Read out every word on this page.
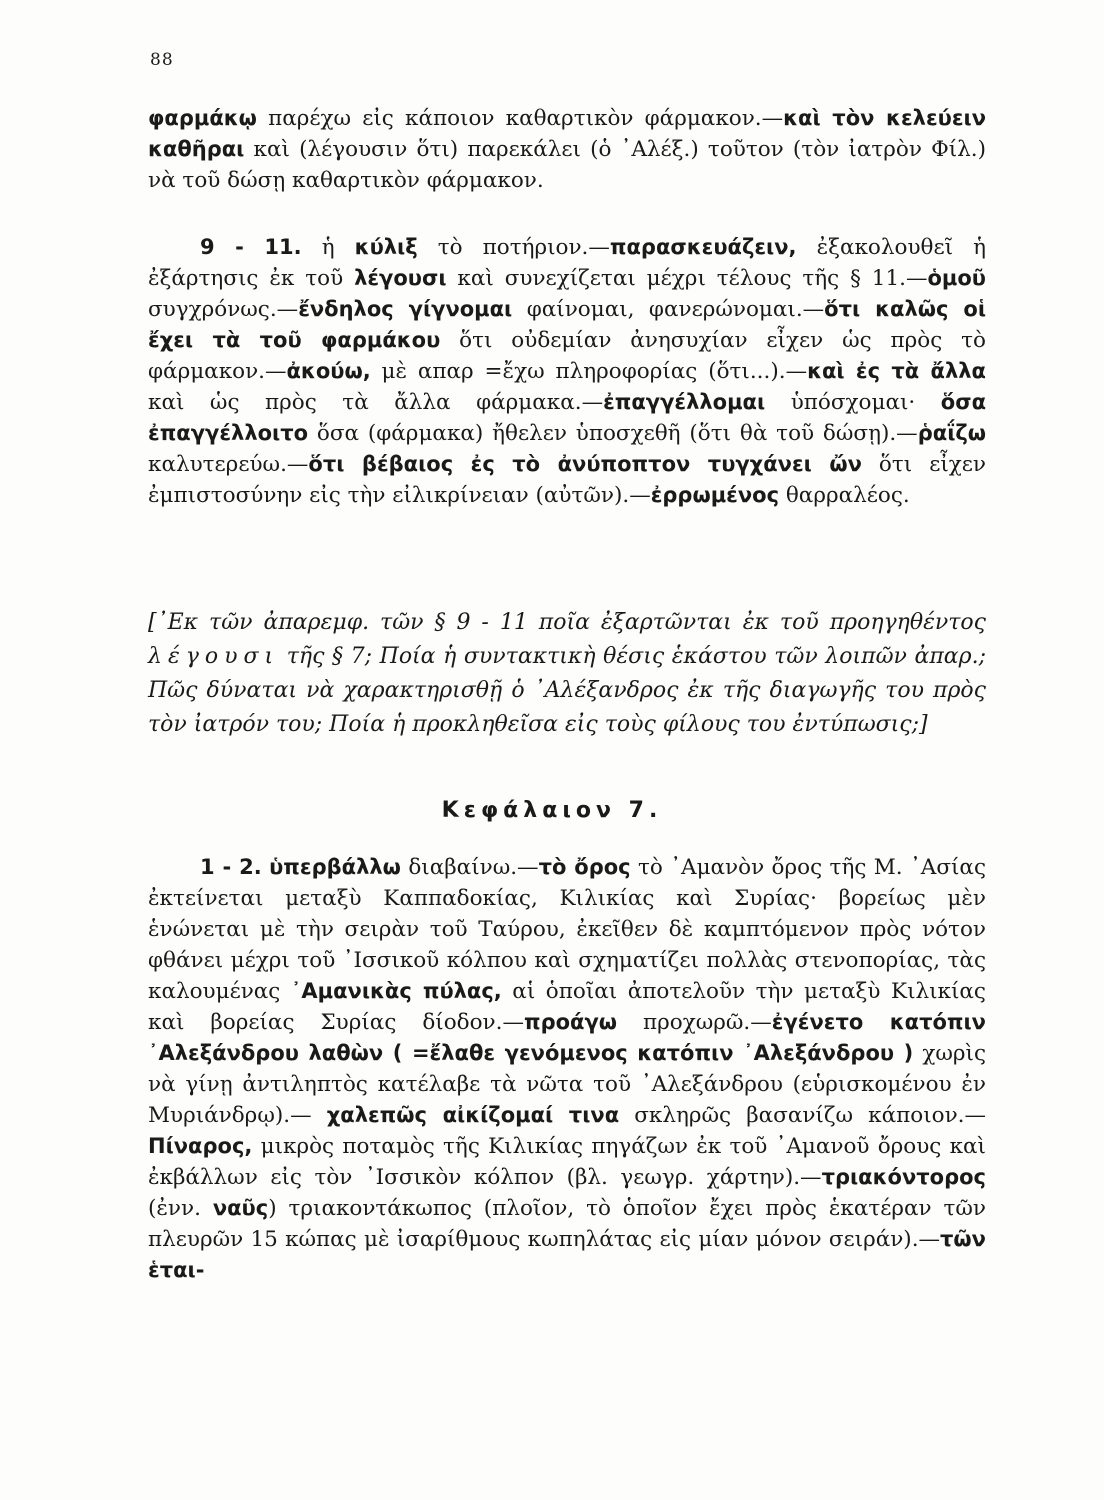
88

φαρμάκῳ παρέχω εἰς κάποιον καθαρτικὸν φάρμακον.—καὶ τὸν κελεύειν καθῆραι καὶ (λέγουσιν ὅτι) παρεκάλει (ὁ ᾿Αλέξ.) τοῦτον (τὸν ἰατρὸν Φίλ.) νὰ τοῦ δώσῃ καθαρτικὸν φάρμακον.

9 - 11. ἡ κύλιξ τὸ ποτήριον.—παρασκευάζειν, ἐξακολουθεῖ ἡ ἐξάρτησις ἐκ τοῦ λέγουσι καὶ συνεχίζεται μέχρι τέλους τῆς § 11.—ὁμοῦ συγχρόνως.—ἔνδηλος γίγνομαι φαίνομαι, φανερώνομαι.—ὅτι καλῶς οἱ ἔχει τὰ τοῦ φαρμάκου ὅτι οὐδεμίαν ἀνησυχίαν εἶχεν ὡς πρὸς τὸ φάρμακον.—ἀκούω, μὲ απαρ =ἔχω πληροφορίας (ὅτι...).—καὶ ἐς τὰ ἄλλα καὶ ὡς πρὸς τὰ ἄλλα φάρμακα.—ἐπαγγέλλομαι ὑπόσχομαι· ὅσα ἐπαγγέλλοιτο ὅσα (φάρμακα) ἤθελεν ὑποσχεθῆ (ὅτι θὰ τοῦ δώσῃ).—ῥαΐζω καλυτερεύω.—ὅτι βέβαιος ἐς τὸ ἀνύποπτον τυγχάνει ὤν ὅτι εἶχεν ἐμπιστοσύνην εἰς τὴν εἰλικρίνειαν (αὐτῶν).—ἐρρωμένος θαρραλέος.

[᾿Εκ τῶν ἀπαρεμφ. τῶν § 9 - 11 ποῖα ἐξαρτῶνται ἐκ τοῦ προηγηθέντος λέγουσι τῆς § 7; Ποία ἡ συντακτικὴ θέσις ἑκάστου τῶν λοιπῶν ἀπαρ.; Πῶς δύναται νὰ χαρακτηρισθῇ ὁ ᾿Αλέξανδρος ἐκ τῆς διαγωγῆς του πρὸς τὸν ἰατρόν του; Ποία ἡ προκληθεῖσα εἰς τοὺς φίλους του ἐντύπωσις;]

Κεφάλαιον 7.

1 - 2. ὑπερβάλλω διαβαίνω.—τὸ ὄρος τὸ ᾿Αμανὸν ὄρος τῆς Μ. ᾿Ασίας ἐκτείνεται μεταξὺ Καππαδοκίας, Κιλικίας καὶ Συρίας· βορείως μὲν ἑνώνεται μὲ τὴν σειρὰν τοῦ Ταύρου, ἐκεῖθεν δὲ καμπτόμενον πρὸς νότον φθάνει μέχρι τοῦ ᾿Ισσικοῦ κόλπου καὶ σχηματίζει πολλὰς στενοπορίας, τὰς καλουμένας ᾿Αμανικὰς πύλας, αἱ ὁποῖαι ἀποτελοῦν τὴν μεταξὺ Κιλικίας καὶ βορείας Συρίας δίοδον.—προάγω προχωρῶ.—ἐγένετο κατόπιν ᾿Αλεξάνδρου λαθὼν ( =ἔλαθε γενόμενος κατόπιν ᾿Αλεξάνδρου ) χωρὶς νὰ γίνῃ ἀντιληπτὸς κατέλαβε τὰ νῶτα τοῦ ᾿Αλεξάνδρου (εὑρισκομένου ἐν Μυριάνδρῳ).— χαλεπῶς αἰκίζομαί τινα σκληρῶς βασανίζω κάποιον.—Πίναρος, μικρὸς ποταμὸς τῆς Κιλικίας πηγάζων ἐκ τοῦ ᾿Αμανοῦ ὄρους καὶ ἐκβάλλων εἰς τὸν ᾿Ισσικὸν κόλπον (βλ. γεωγρ. χάρτην).—τριακόντορος (ἐνν. ναῦς) τριακοντάκωπος (πλοῖον, τὸ ὁποῖον ἔχει πρὸς ἑκατέραν τῶν πλευρῶν 15 κώπας μὲ ἰσαρίθμους κωπηλάτας εἰς μίαν μόνον σειράν).—τῶν ἑται-
